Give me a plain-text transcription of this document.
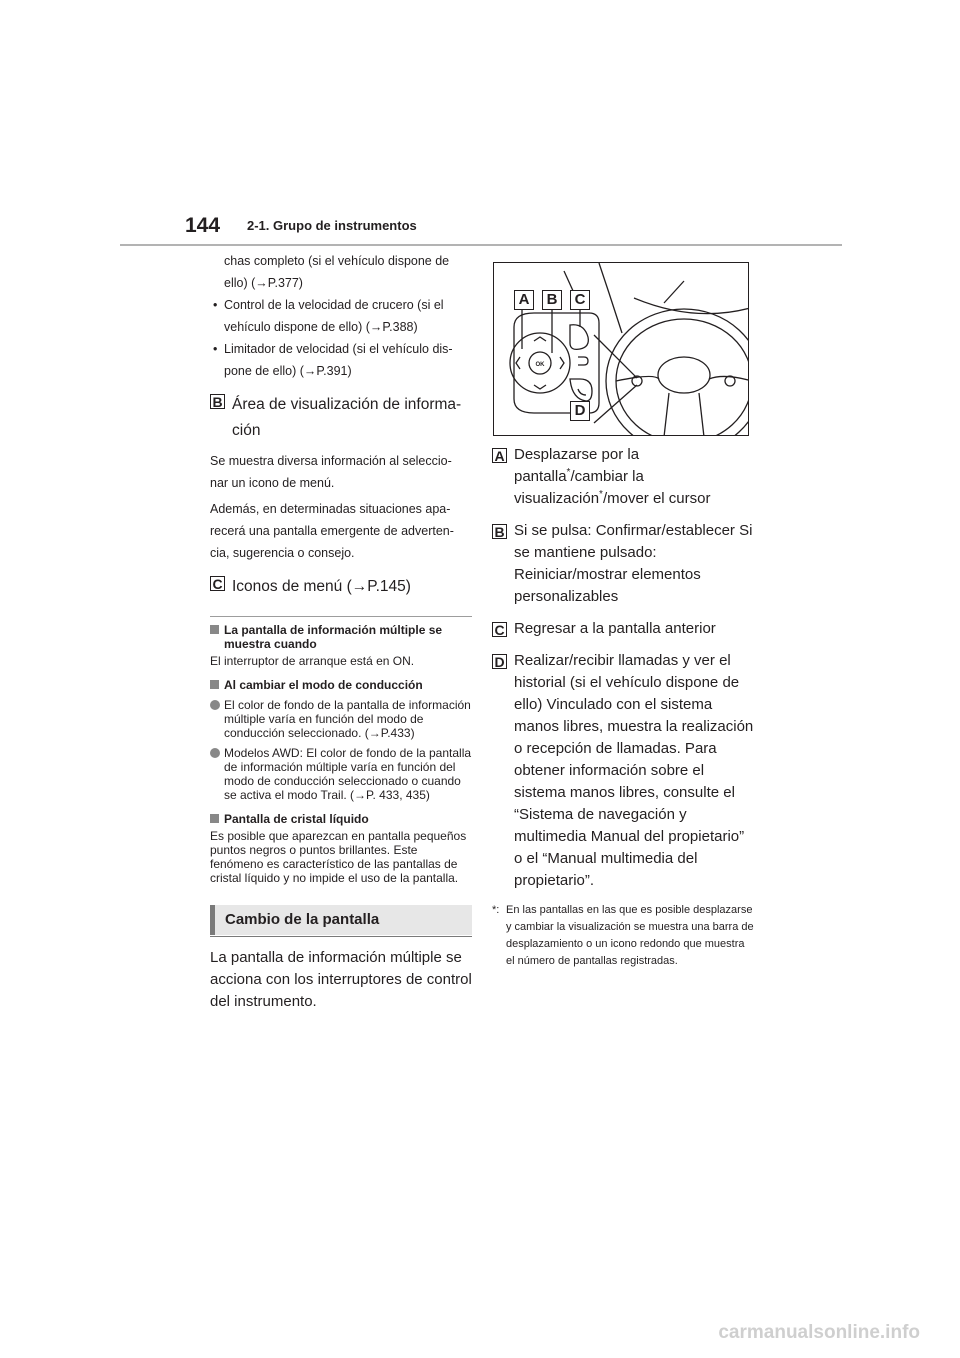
144 2-1. Grupo de instrumentos
chas completo (si el vehículo dispone de
ello) (→P.377)
• Control de la velocidad de crucero (si el
vehículo dispone de ello) (→P.388)
• Limitador de velocidad (si el vehículo dis-
pone de ello) (→P.391)
B Área de visualización de informa-
ción
Se muestra diversa información al seleccio-
nar un icono de menú.
Además, en determinadas situaciones apa-
recerá una pantalla emergente de adverten-
cia, sugerencia o consejo.
C Iconos de menú (→P.145)
La pantalla de información múltiple se muestra cuando
El interruptor de arranque está en ON.
Al cambiar el modo de conducción
El color de fondo de la pantalla de información múltiple varía en función del modo de conducción seleccionado. (→P.433)
Modelos AWD: El color de fondo de la pantalla de información múltiple varía en función del modo de conducción seleccionado o cuando se activa el modo Trail. (→P. 433, 435)
Pantalla de cristal líquido
Es posible que aparezcan en pantalla pequeños puntos negros o puntos brillantes. Este fenómeno es característico de las pantallas de cristal líquido y no impide el uso de la pantalla.
Cambio de la pantalla
La pantalla de información múltiple se acciona con los interruptores de control del instrumento.
OK
A	B	C
D
A Desplazarse por la pantalla*/cambiar la visualización*/mover el cursor
B Si se pulsa: Confirmar/establecer Si se mantiene pulsado: Reiniciar/mostrar elementos personalizables
C Regresar a la pantalla anterior
D Realizar/recibir llamadas y ver el historial (si el vehículo dispone de ello) Vinculado con el sistema manos libres, muestra la realización o recepción de llamadas. Para obtener información sobre el sistema manos libres, consulte el “Sistema de navegación y multimedia Manual del propietario” o el “Manual multimedia del propietario”.
*: En las pantallas en las que es posible desplazarse y cambiar la visualización se muestra una barra de desplazamiento o un icono redondo que muestra el número de pantallas registradas.
carmanualsonline.info
